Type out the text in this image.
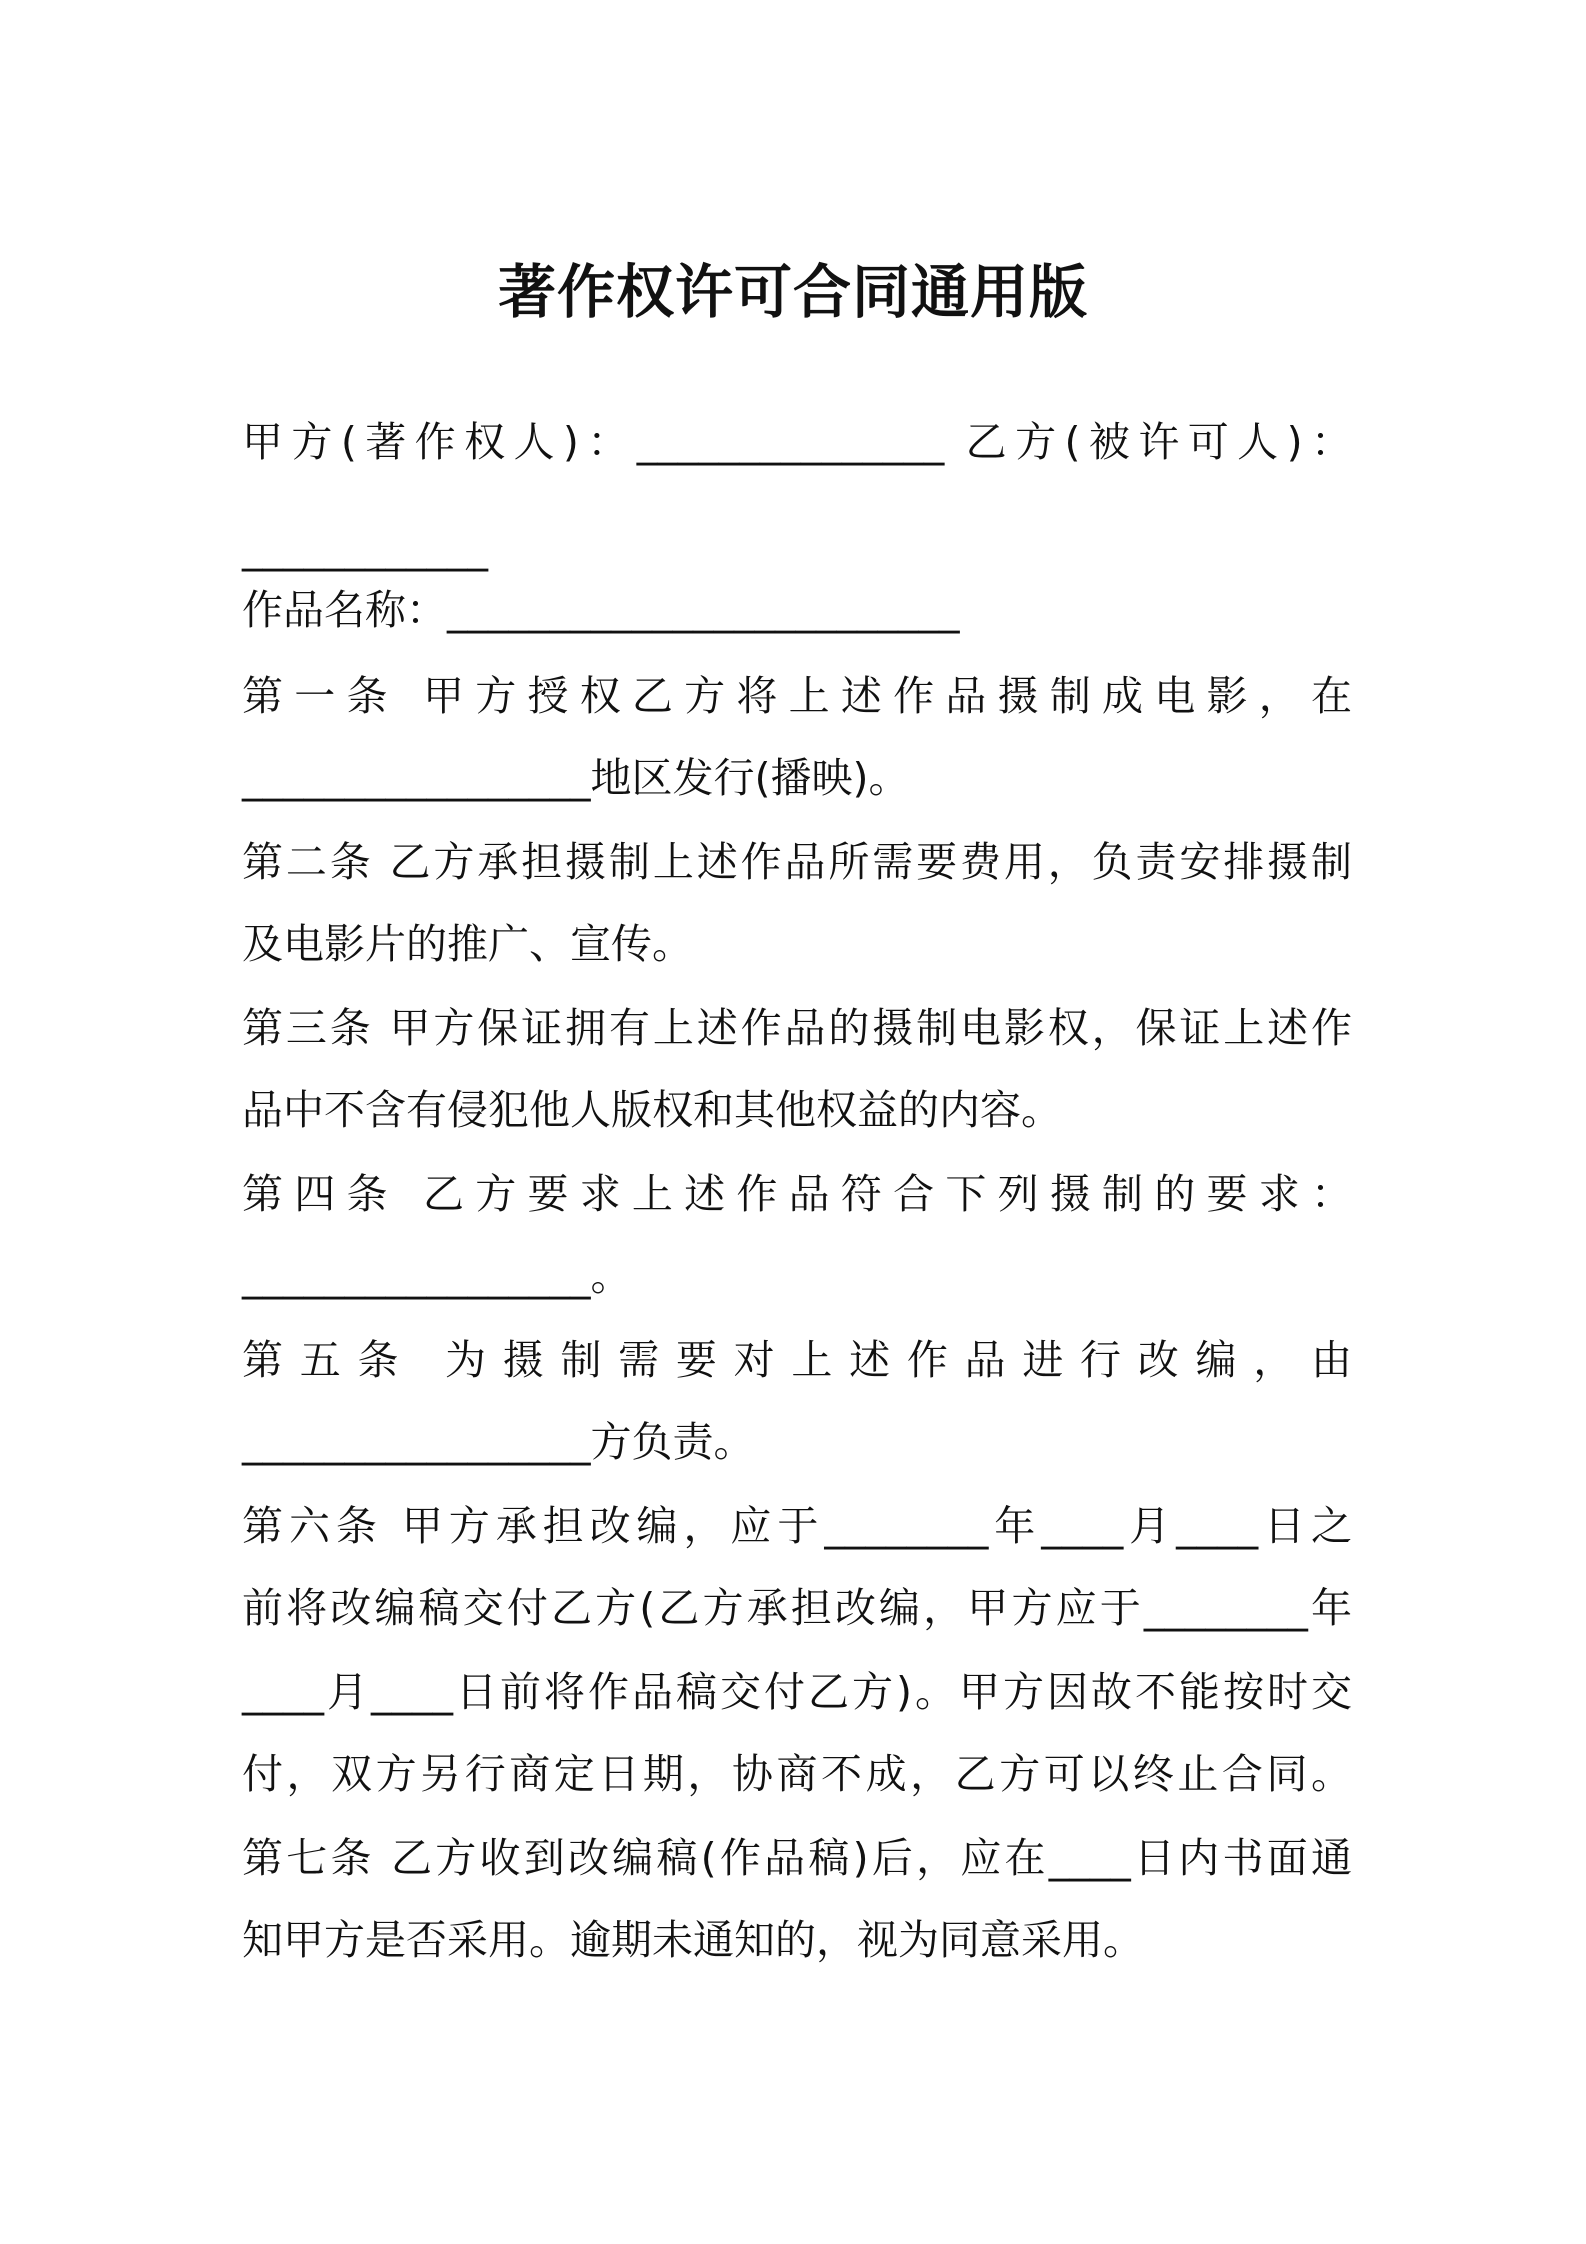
著作权许可合同通用版
甲方(著作权人)：_______________ 乙方(被许可人)：
____________
作品名称：_________________________
第一条 甲方授权乙方将上述作品摄制成电影，在
_________________地区发行(播映)。
第二条 乙方承担摄制上述作品所需要费用，负责安排摄制
及电影片的推广、宣传。
第三条 甲方保证拥有上述作品的摄制电影权，保证上述作
品中不含有侵犯他人版权和其他权益的内容。
第四条 乙方要求上述作品符合下列摄制的要求：
_________________。
第五条 为摄制需要对上述作品进行改编，由
_________________方负责。
第六条 甲方承担改编，应于________年____月____日之
前将改编稿交付乙方(乙方承担改编，甲方应于________年
____月____日前将作品稿交付乙方)。甲方因故不能按时交
付，双方另行商定日期，协商不成，乙方可以终止合同。
第七条 乙方收到改编稿(作品稿)后，应在____日内书面通
知甲方是否采用。逾期未通知的，视为同意采用。
